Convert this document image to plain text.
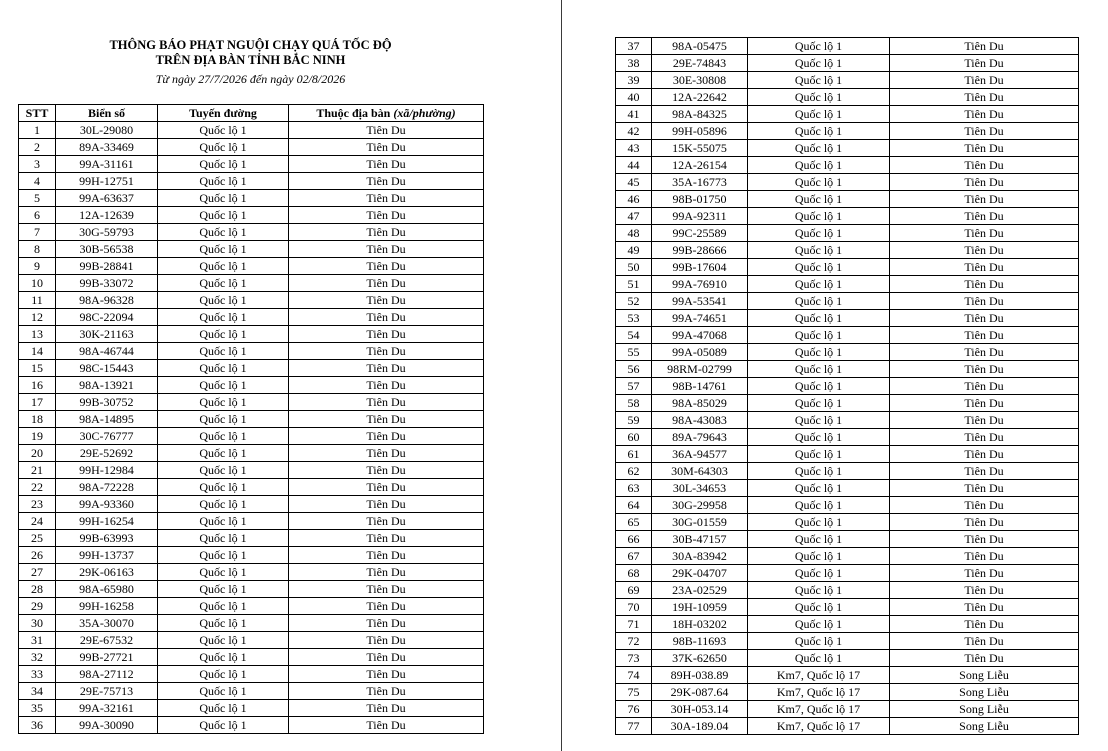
THÔNG BÁO PHẠT NGUỘI CHẠY QUÁ TỐC ĐỘ
TRÊN ĐỊA BÀN TỈNH BẮC NINH
Từ ngày 27/7/2026 đến ngày 02/8/2026
STT	Biển số	Tuyến đường	Thuộc địa bàn (xã/phường)
1	30L-29080	Quốc lộ 1	Tiên Du
2	89A-33469	Quốc lộ 1	Tiên Du
3	99A-31161	Quốc lộ 1	Tiên Du
4	99H-12751	Quốc lộ 1	Tiên Du
5	99A-63637	Quốc lộ 1	Tiên Du
6	12A-12639	Quốc lộ 1	Tiên Du
7	30G-59793	Quốc lộ 1	Tiên Du
8	30B-56538	Quốc lộ 1	Tiên Du
9	99B-28841	Quốc lộ 1	Tiên Du
10	99B-33072	Quốc lộ 1	Tiên Du
11	98A-96328	Quốc lộ 1	Tiên Du
12	98C-22094	Quốc lộ 1	Tiên Du
13	30K-21163	Quốc lộ 1	Tiên Du
14	98A-46744	Quốc lộ 1	Tiên Du
15	98C-15443	Quốc lộ 1	Tiên Du
16	98A-13921	Quốc lộ 1	Tiên Du
17	99B-30752	Quốc lộ 1	Tiên Du
18	98A-14895	Quốc lộ 1	Tiên Du
19	30C-76777	Quốc lộ 1	Tiên Du
20	29E-52692	Quốc lộ 1	Tiên Du
21	99H-12984	Quốc lộ 1	Tiên Du
22	98A-72228	Quốc lộ 1	Tiên Du
23	99A-93360	Quốc lộ 1	Tiên Du
24	99H-16254	Quốc lộ 1	Tiên Du
25	99B-63993	Quốc lộ 1	Tiên Du
26	99H-13737	Quốc lộ 1	Tiên Du
27	29K-06163	Quốc lộ 1	Tiên Du
28	98A-65980	Quốc lộ 1	Tiên Du
29	99H-16258	Quốc lộ 1	Tiên Du
30	35A-30070	Quốc lộ 1	Tiên Du
31	29E-67532	Quốc lộ 1	Tiên Du
32	99B-27721	Quốc lộ 1	Tiên Du
33	98A-27112	Quốc lộ 1	Tiên Du
34	29E-75713	Quốc lộ 1	Tiên Du
35	99A-32161	Quốc lộ 1	Tiên Du
36	99A-30090	Quốc lộ 1	Tiên Du
37	98A-05475	Quốc lộ 1	Tiên Du
38	29E-74843	Quốc lộ 1	Tiên Du
39	30E-30808	Quốc lộ 1	Tiên Du
40	12A-22642	Quốc lộ 1	Tiên Du
41	98A-84325	Quốc lộ 1	Tiên Du
42	99H-05896	Quốc lộ 1	Tiên Du
43	15K-55075	Quốc lộ 1	Tiên Du
44	12A-26154	Quốc lộ 1	Tiên Du
45	35A-16773	Quốc lộ 1	Tiên Du
46	98B-01750	Quốc lộ 1	Tiên Du
47	99A-92311	Quốc lộ 1	Tiên Du
48	99C-25589	Quốc lộ 1	Tiên Du
49	99B-28666	Quốc lộ 1	Tiên Du
50	99B-17604	Quốc lộ 1	Tiên Du
51	99A-76910	Quốc lộ 1	Tiên Du
52	99A-53541	Quốc lộ 1	Tiên Du
53	99A-74651	Quốc lộ 1	Tiên Du
54	99A-47068	Quốc lộ 1	Tiên Du
55	99A-05089	Quốc lộ 1	Tiên Du
56	98RM-02799	Quốc lộ 1	Tiên Du
57	98B-14761	Quốc lộ 1	Tiên Du
58	98A-85029	Quốc lộ 1	Tiên Du
59	98A-43083	Quốc lộ 1	Tiên Du
60	89A-79643	Quốc lộ 1	Tiên Du
61	36A-94577	Quốc lộ 1	Tiên Du
62	30M-64303	Quốc lộ 1	Tiên Du
63	30L-34653	Quốc lộ 1	Tiên Du
64	30G-29958	Quốc lộ 1	Tiên Du
65	30G-01559	Quốc lộ 1	Tiên Du
66	30B-47157	Quốc lộ 1	Tiên Du
67	30A-83942	Quốc lộ 1	Tiên Du
68	29K-04707	Quốc lộ 1	Tiên Du
69	23A-02529	Quốc lộ 1	Tiên Du
70	19H-10959	Quốc lộ 1	Tiên Du
71	18H-03202	Quốc lộ 1	Tiên Du
72	98B-11693	Quốc lộ 1	Tiên Du
73	37K-62650	Quốc lộ 1	Tiên Du
74	89H-038.89	Km7, Quốc lộ 17	Song Liễu
75	29K-087.64	Km7, Quốc lộ 17	Song Liễu
76	30H-053.14	Km7, Quốc lộ 17	Song Liễu
77	30A-189.04	Km7, Quốc lộ 17	Song Liễu
